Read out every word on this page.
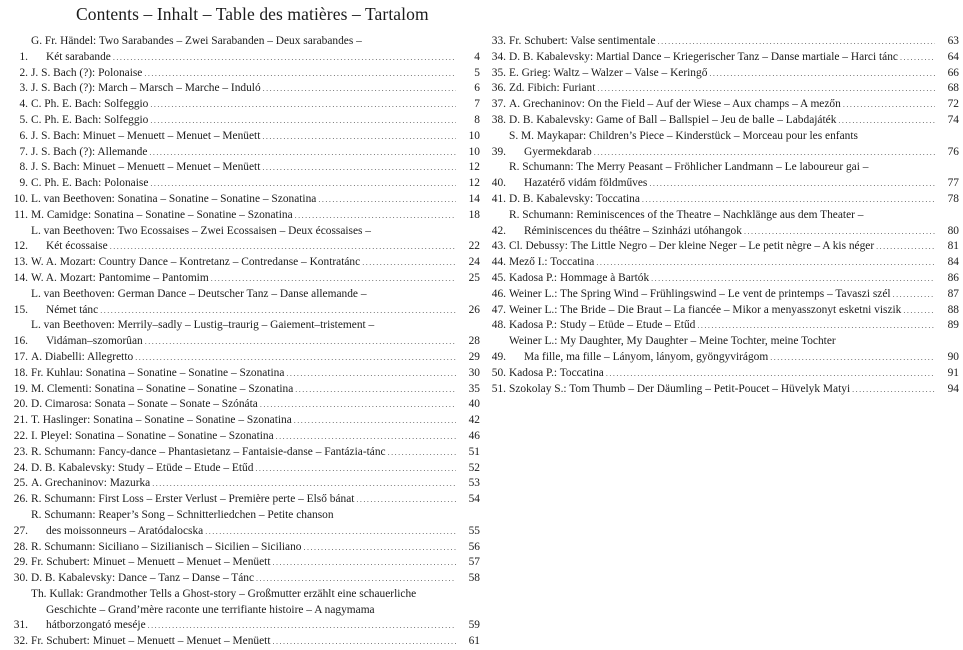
Contents – Inhalt – Table des matières – Tartalom
1.
G. Fr. Händel: Two Sarabandes – Zwei Sarabanden – Deux sarabandes –
Két sarabande .....	4
2. J. S. Bach (?): Polonaise .....	5
3. J. S. Bach (?): March – Marsch – Marche – Induló .....	6
4. C. Ph. E. Bach: Solfeggio .....	7
5. C. Ph. E. Bach: Solfeggio .....	8
6. J. S. Bach: Minuet – Menuett – Menuet – Menüett .....	10
7. J. S. Bach (?): Allemande .....	10
8. J. S. Bach: Minuet – Menuett – Menuet – Menüett .....	12
9. C. Ph. E. Bach: Polonaise .....	12
10. L. van Beethoven: Sonatina – Sonatine – Sonatine – Szonatina .....	14
11. M. Camidge: Sonatina – Sonatine – Sonatine – Szonatina .....	18
12.
L. van Beethoven: Two Ecossaises – Zwei Ecossaisen – Deux écossaises –
Két écossaise .....	22
13. W. A. Mozart: Country Dance – Kontretanz – Contredanse – Kontratánc .....	24
14. W. A. Mozart: Pantomime – Pantomim .....	25
15.
L. van Beethoven: German Dance – Deutscher Tanz – Danse allemande –
Német tánc .....	26
16.
L. van Beethoven: Merrily–sadly – Lustig–traurig – Gaiement–tristement –
Vidáman–szomorûan .....	28
17. A. Diabelli: Allegretto .....	29
18. Fr. Kuhlau: Sonatina – Sonatine – Sonatine – Szonatina .....	30
19. M. Clementi: Sonatina – Sonatine – Sonatine – Szonatina .....	35
20. D. Cimarosa: Sonata – Sonate – Sonate – Szónáta .....	40
21. T. Haslinger: Sonatina – Sonatine – Sonatine – Szonatina .....	42
22. I. Pleyel: Sonatina – Sonatine – Sonatine – Szonatina .....	46
23. R. Schumann: Fancy-dance – Phantasietanz – Fantaisie-danse – Fantázia-tánc .....	51
24. D. B. Kabalevsky: Study – Etüde – Etude – Etűd .....	52
25. A. Grechaninov: Mazurka .....	53
26. R. Schumann: First Loss – Erster Verlust – Première perte – Első bánat .....	54
27.
R. Schumann: Reaper’s Song – Schnitterliedchen – Petite chanson
des moissonneurs – Aratódalocska .....	55
28. R. Schumann: Siciliano – Sizilianisch – Sicilien – Siciliano .....	56
29. Fr. Schubert: Minuet – Menuett – Menuet – Menüett .....	57
30. D. B. Kabalevsky: Dance – Tanz – Danse – Tánc .....	58
31.
Th. Kullak: Grandmother Tells a Ghost-story – Großmutter erzählt eine schauerliche
Geschichte – Grand’mère raconte une terrifiante histoire – A nagymama
hátborzongató meséje .....	59
32. Fr. Schubert: Minuet – Menuett – Menuet – Menüett .....	61
33. Fr. Schubert: Valse sentimentale .....	63
34. D. B. Kabalevsky: Martial Dance – Kriegerischer Tanz – Danse martiale – Harci tánc .....	64
35. E. Grieg: Waltz – Walzer – Valse – Keringő .....	66
36. Zd. Fibich: Furiant .....	68
37. A. Grechaninov: On the Field – Auf der Wiese – Aux champs – A mezőn .....	72
38. D. B. Kabalevsky: Game of Ball – Ballspiel – Jeu de balle – Labdajáték .....	74
39.
S. M. Maykapar: Children’s Piece – Kinderstück – Morceau pour les enfants
Gyermekdarab .....	76
40.
R. Schumann: The Merry Peasant – Fröhlicher Landmann – Le laboureur gai –
Hazatérő vidám földműves .....	77
41. D. B. Kabalevsky: Toccatina .....	78
42.
R. Schumann: Reminiscences of the Theatre – Nachklänge aus dem Theater –
Réminiscences du théâtre – Szinházi utóhangok .....	80
43. Cl. Debussy: The Little Negro – Der kleine Neger – Le petit nègre – A kis néger .....	81
44. Mező I.: Toccatina .....	84
45. Kadosa P.: Hommage à Bartók .....	86
46. Weiner L.: The Spring Wind – Frühlingswind – Le vent de printemps – Tavaszi szél .....	87
47. Weiner L.: The Bride – Die Braut – La fiancée – Mikor a menyasszonyt esketni viszik .....	88
48. Kadosa P.: Study – Etüde – Etude – Etűd .....	89
49.
Weiner L.: My Daughter, My Daughter – Meine Tochter, meine Tochter
Ma fille, ma fille – Lányom, lányom, gyöngyvirágom .....	90
50. Kadosa P.: Toccatina .....	91
51. Szokolay S.: Tom Thumb – Der Däumling – Petit-Poucet – Hüvelyk Matyi .....	94
